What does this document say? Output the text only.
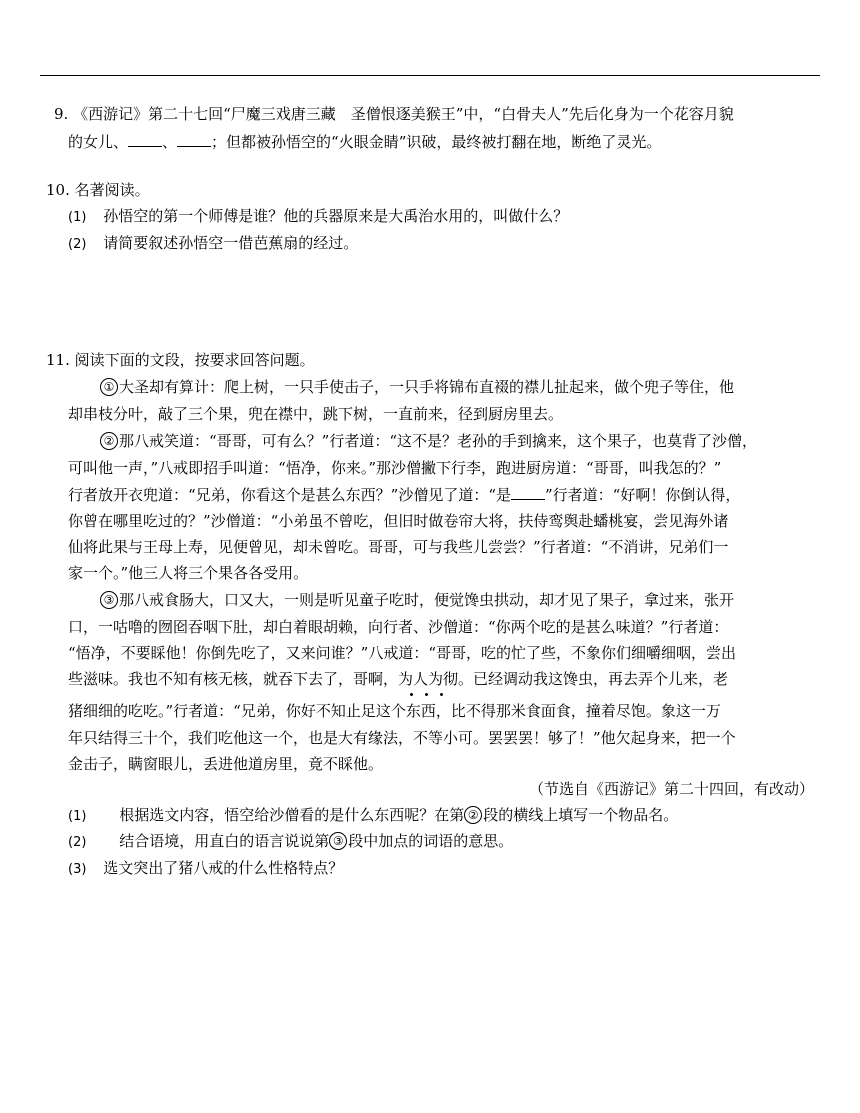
9. 《西游记》第二十七回“尸魔三戏唐三藏　圣僧恨逐美猴王”中，“白骨夫人”先后化身为一个花容月貌
的女儿、 、 ；但都被孙悟空的“火眼金睛”识破，最终被打翻在地，断绝了灵光。
10. 名著阅读。
(1) 孙悟空的第一个师傅是谁？他的兵器原来是大禹治水用的，叫做什么？
(2) 请简要叙述孙悟空一借芭蕉扇的经过。
11. 阅读下面的文段，按要求回答问题。
① 大圣却有算计：爬上树，一只手使击子，一只手将锦布直裰的襟儿扯起来，做个兜子等住，他
却串枝分叶，敲了三个果，兜在襟中，跳下树，一直前来，径到厨房里去。
② 那八戒笑道：“哥哥，可有么？”行者道：“这不是？老孙的手到擒来，这个果子，也莫背了沙僧，
可叫他一声，”八戒即招手叫道：“悟净，你来。”那沙僧撇下行李，跑进厨房道：“哥哥，叫我怎的？”
行者放开衣兜道：“兄弟，你看这个是甚么东西？”沙僧见了道：“是 ”行者道：“好啊！你倒认得，
你曾在哪里吃过的？”沙僧道：“小弟虽不曾吃，但旧时做卷帘大将，扶侍鸾舆赴蟠桃宴，尝见海外诸
仙将此果与王母上寿，见便曾见，却未曾吃。哥哥，可与我些儿尝尝？”行者道：“不消讲，兄弟们一
家一个。”他三人将三个果各各受用。
③ 那八戒食肠大，口又大，一则是听见童子吃时，便觉馋虫拱动，却才见了果子，拿过来，张开
口，一咕噜的囫囵吞咽下肚，却白着眼胡赖，向行者、沙僧道：“你两个吃的是甚么味道？”行者道：
“悟净，不要睬他！你倒先吃了，又来问谁？”八戒道：“哥哥，吃的忙了些，不象你们细嚼细咽，尝出
些滋味。我也不知有核无核，就吞下去了，哥啊，为人为彻。已经调动我这馋虫，再去弄个儿来，老
猪细细的吃吃。”行者道：“兄弟，你好不知止足这个东西，比不得那米食面食，撞着尽饱。象这一万
年只结得三十个，我们吃他这一个，也是大有缘法，不等小可。罢罢罢！够了！”他欠起身来，把一个
金击子，瞒窗眼儿，丢进他道房里，竟不睬他。
（节选自《西游记》第二十四回，有改动）
(1) 根据选文内容，悟空给沙僧看的是什么东西呢？在第 ② 段的横线上填写一个物品名。
(2) 结合语境，用直白的语言说说第 ③ 段中加点的词语的意思。
(3) 选文突出了猪八戒的什么性格特点？
